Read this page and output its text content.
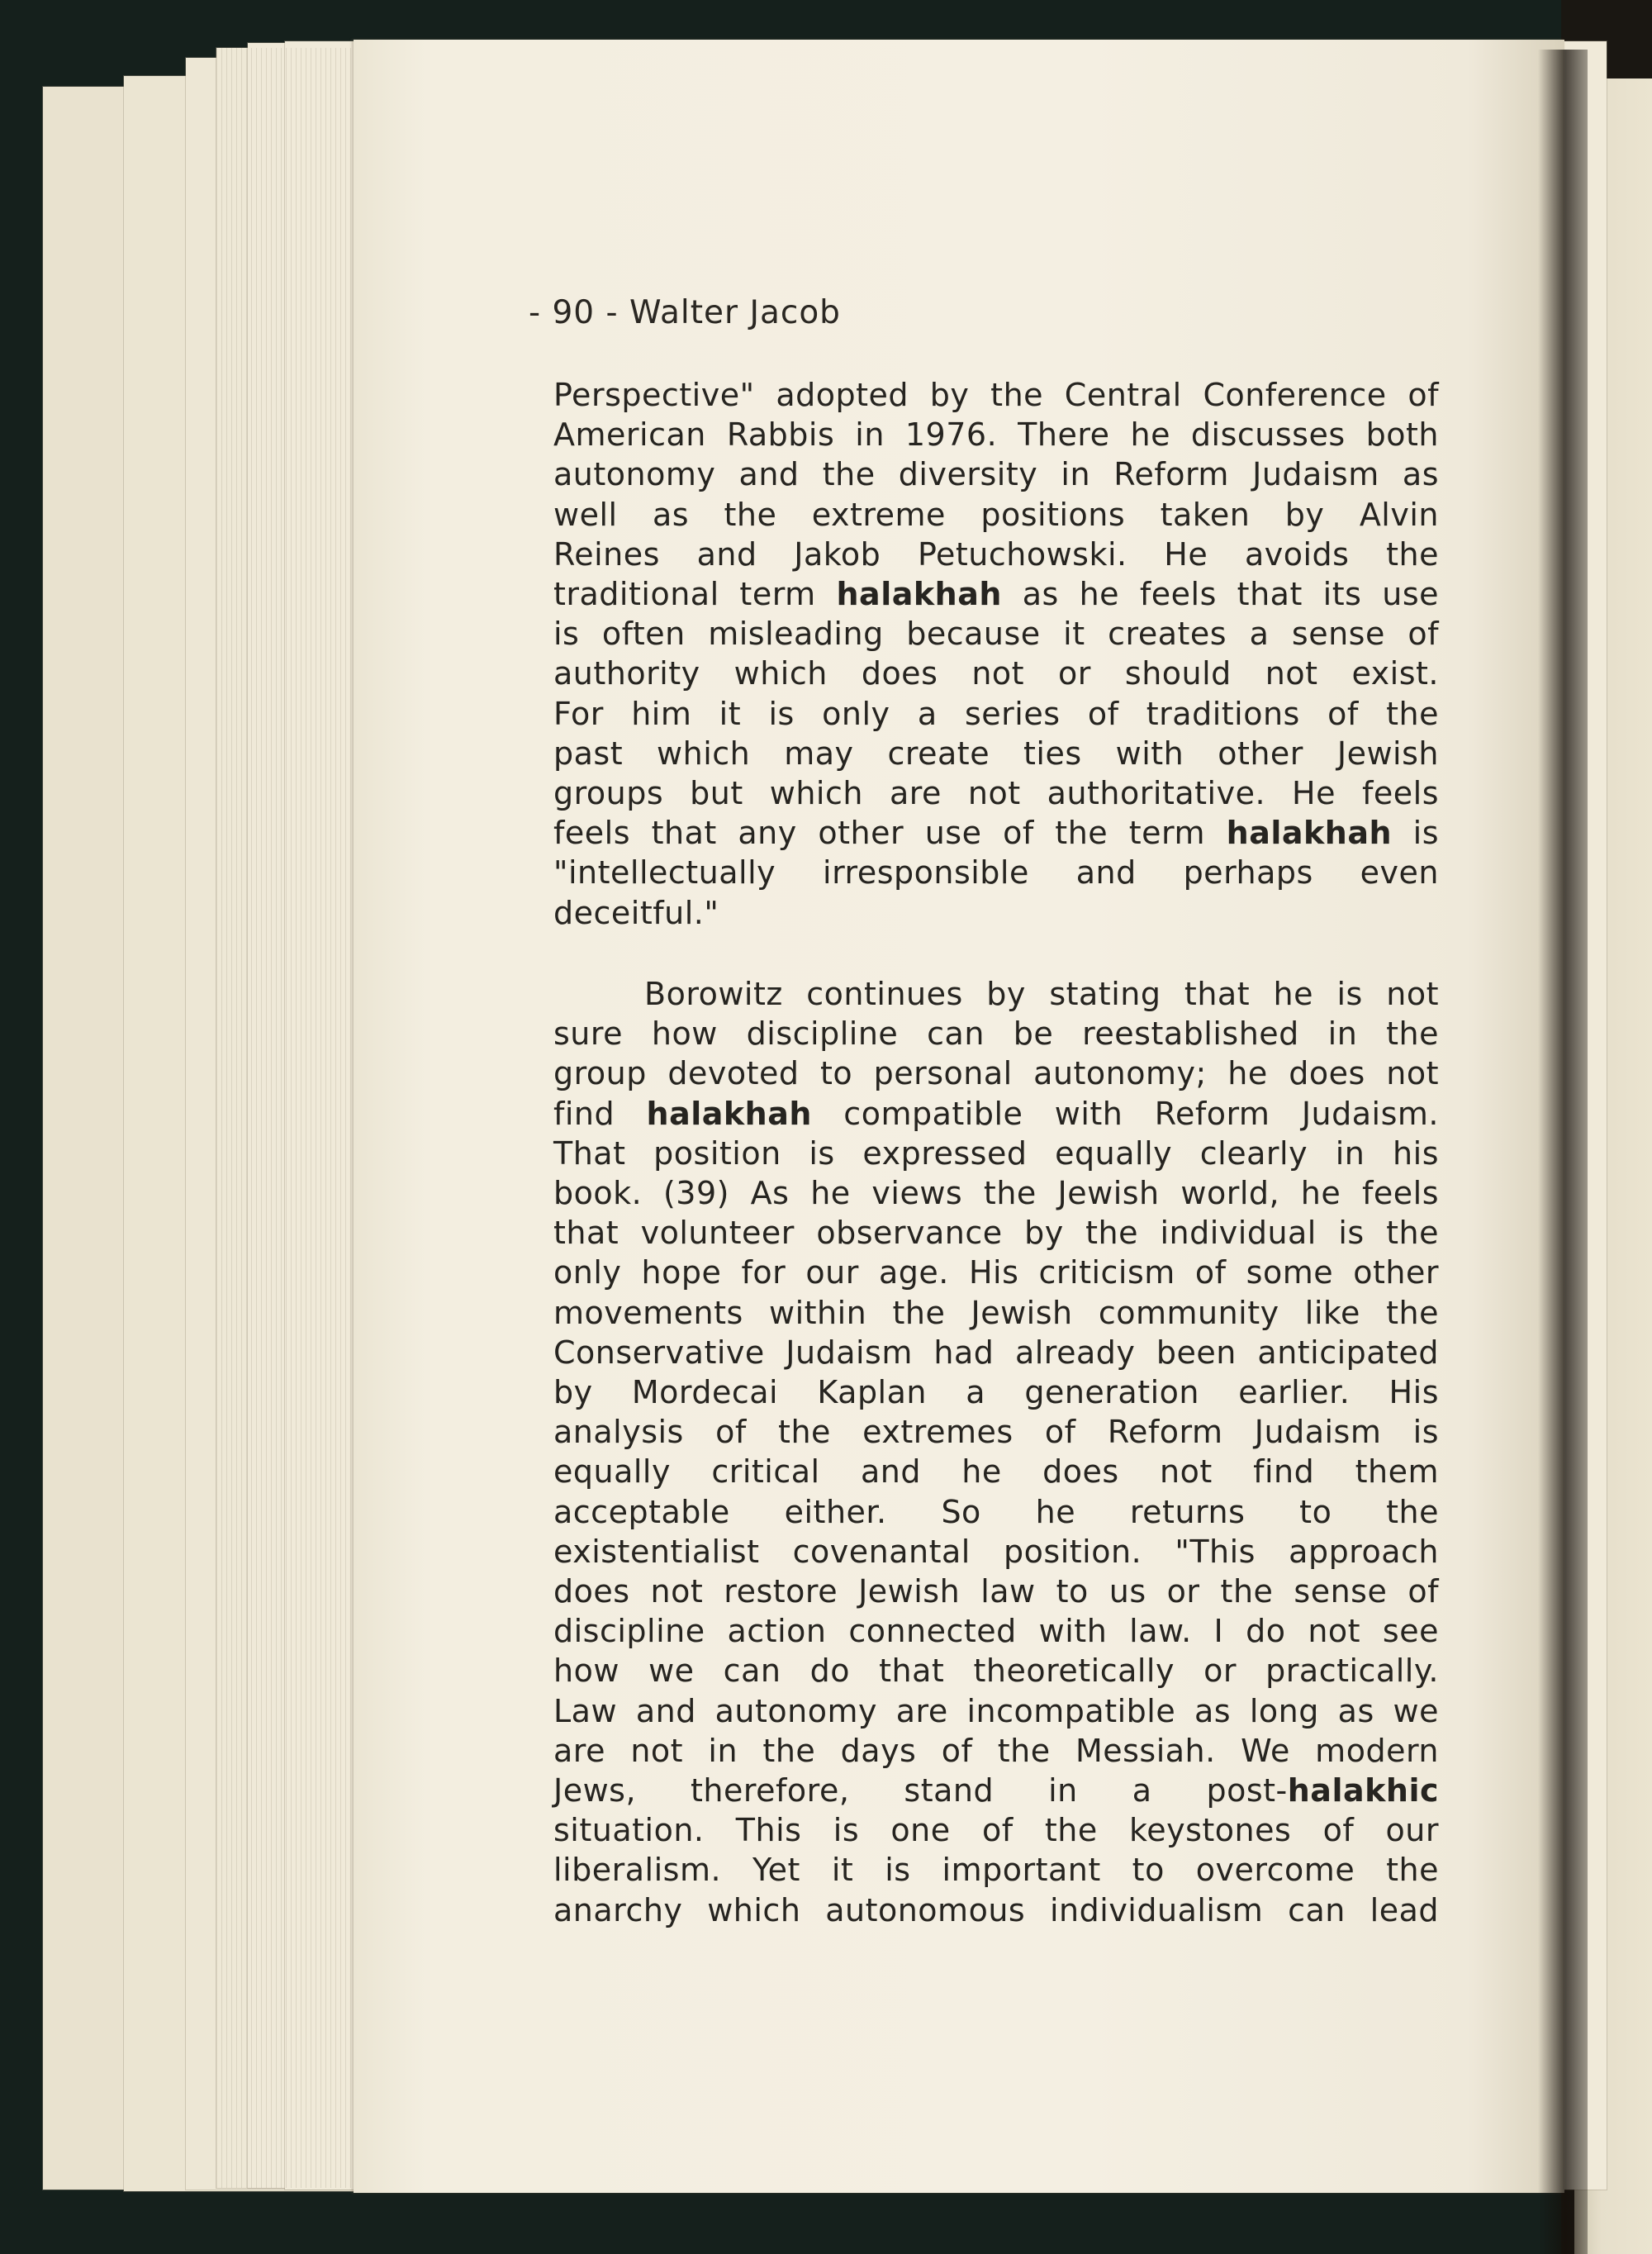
- 90 - Walter Jacob
Perspective" adopted by the Central Conference of
American Rabbis in 1976. There he discusses both
autonomy and the diversity in Reform Judaism as
well as the extreme positions taken by Alvin
Reines and Jakob Petuchowski. He avoids the
traditional term halakhah as he feels that its use
is often misleading because it creates a sense of
authority which does not or should not exist.
For him it is only a series of traditions of the
past which may create ties with other Jewish
groups but which are not authoritative. He feels
feels that any other use of the term halakhah is
"intellectually irresponsible and perhaps even
deceitful."
Borowitz continues by stating that he is not
sure how discipline can be reestablished in the
group devoted to personal autonomy; he does not
find halakhah compatible with Reform Judaism.
That position is expressed equally clearly in his
book. (39) As he views the Jewish world, he feels
that volunteer observance by the individual is the
only hope for our age. His criticism of some other
movements within the Jewish community like the
Conservative Judaism had already been anticipated
by Mordecai Kaplan a generation earlier. His
analysis of the extremes of Reform Judaism is
equally critical and he does not find them
acceptable either. So he returns to the
existentialist covenantal position. "This approach
does not restore Jewish law to us or the sense of
discipline action connected with law. I do not see
how we can do that theoretically or practically.
Law and autonomy are incompatible as long as we
are not in the days of the Messiah. We modern
Jews, therefore, stand in a post-halakhic
situation. This is one of the keystones of our
liberalism. Yet it is important to overcome the
anarchy which autonomous individualism can lead
